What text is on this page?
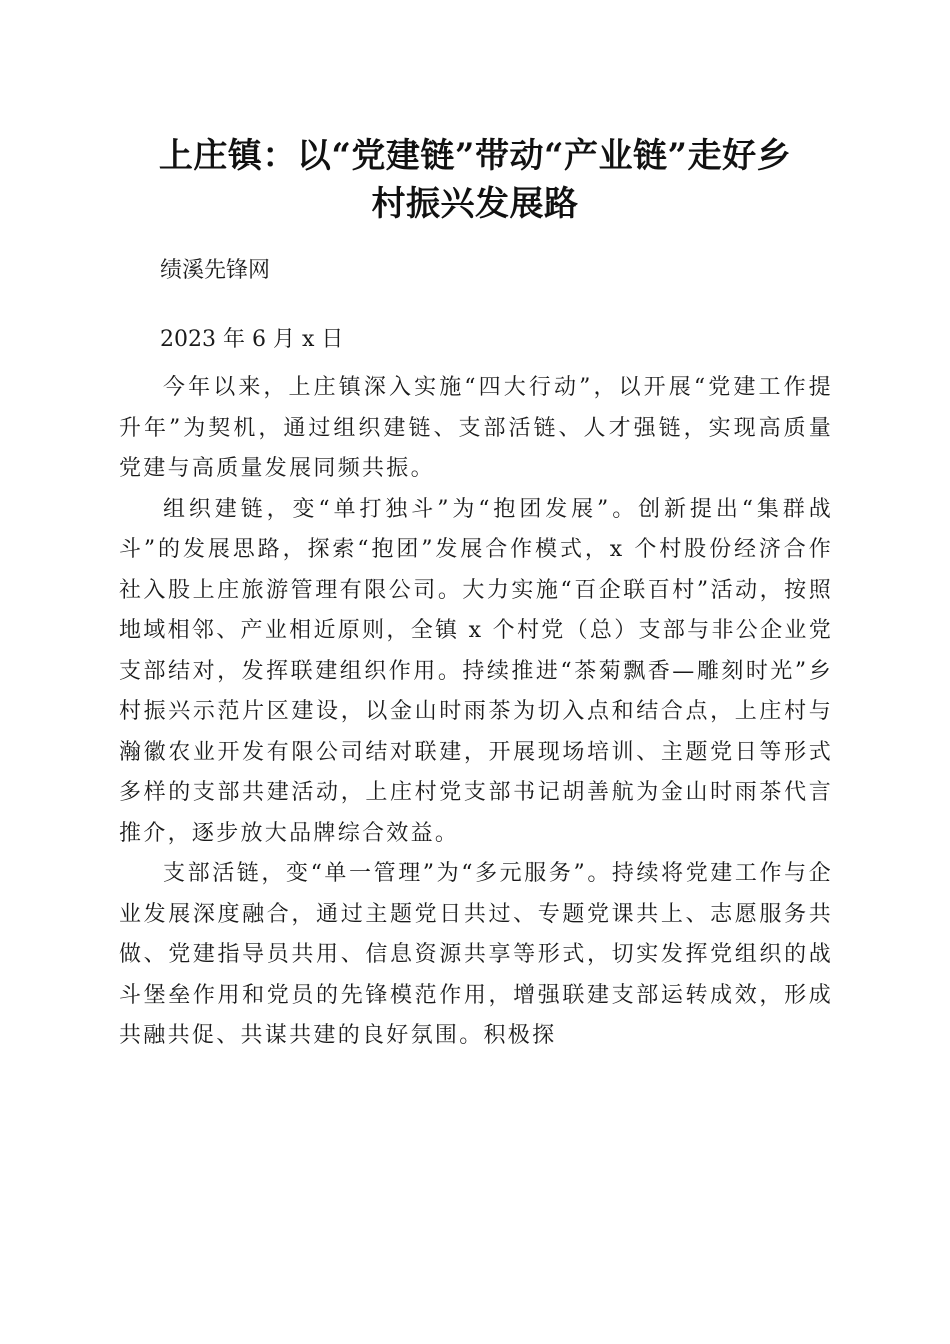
上庄镇：以“党建链”带动“产业链”走好乡
村振兴发展路
绩溪先锋网
2023 年 6 月 x 日

今年以来，上庄镇深入实施“四大行动”，以开展“党建工作提升年”为契机，通过组织建链、支部活链、人才强链，实现高质量党建与高质量发展同频共振。

组织建链，变“单打独斗”为“抱团发展”。创新提出“集群战斗”的发展思路，探索“抱团”发展合作模式，x 个村股份经济合作社入股上庄旅游管理有限公司。大力实施“百企联百村”活动，按照地域相邻、产业相近原则，全镇 x 个村党（总）支部与非公企业党支部结对，发挥联建组织作用。持续推进“茶菊飘香—雕刻时光”乡村振兴示范片区建设，以金山时雨茶为切入点和结合点，上庄村与瀚徽农业开发有限公司结对联建，开展现场培训、主题党日等形式多样的支部共建活动，上庄村党支部书记胡善航为金山时雨茶代言推介，逐步放大品牌综合效益。

支部活链，变“单一管理”为“多元服务”。持续将党建工作与企业发展深度融合，通过主题党日共过、专题党课共上、志愿服务共做、党建指导员共用、信息资源共享等形式，切实发挥党组织的战斗堡垒作用和党员的先锋模范作用，增强联建支部运转成效，形成共融共促、共谋共建的良好氛围。积极探
